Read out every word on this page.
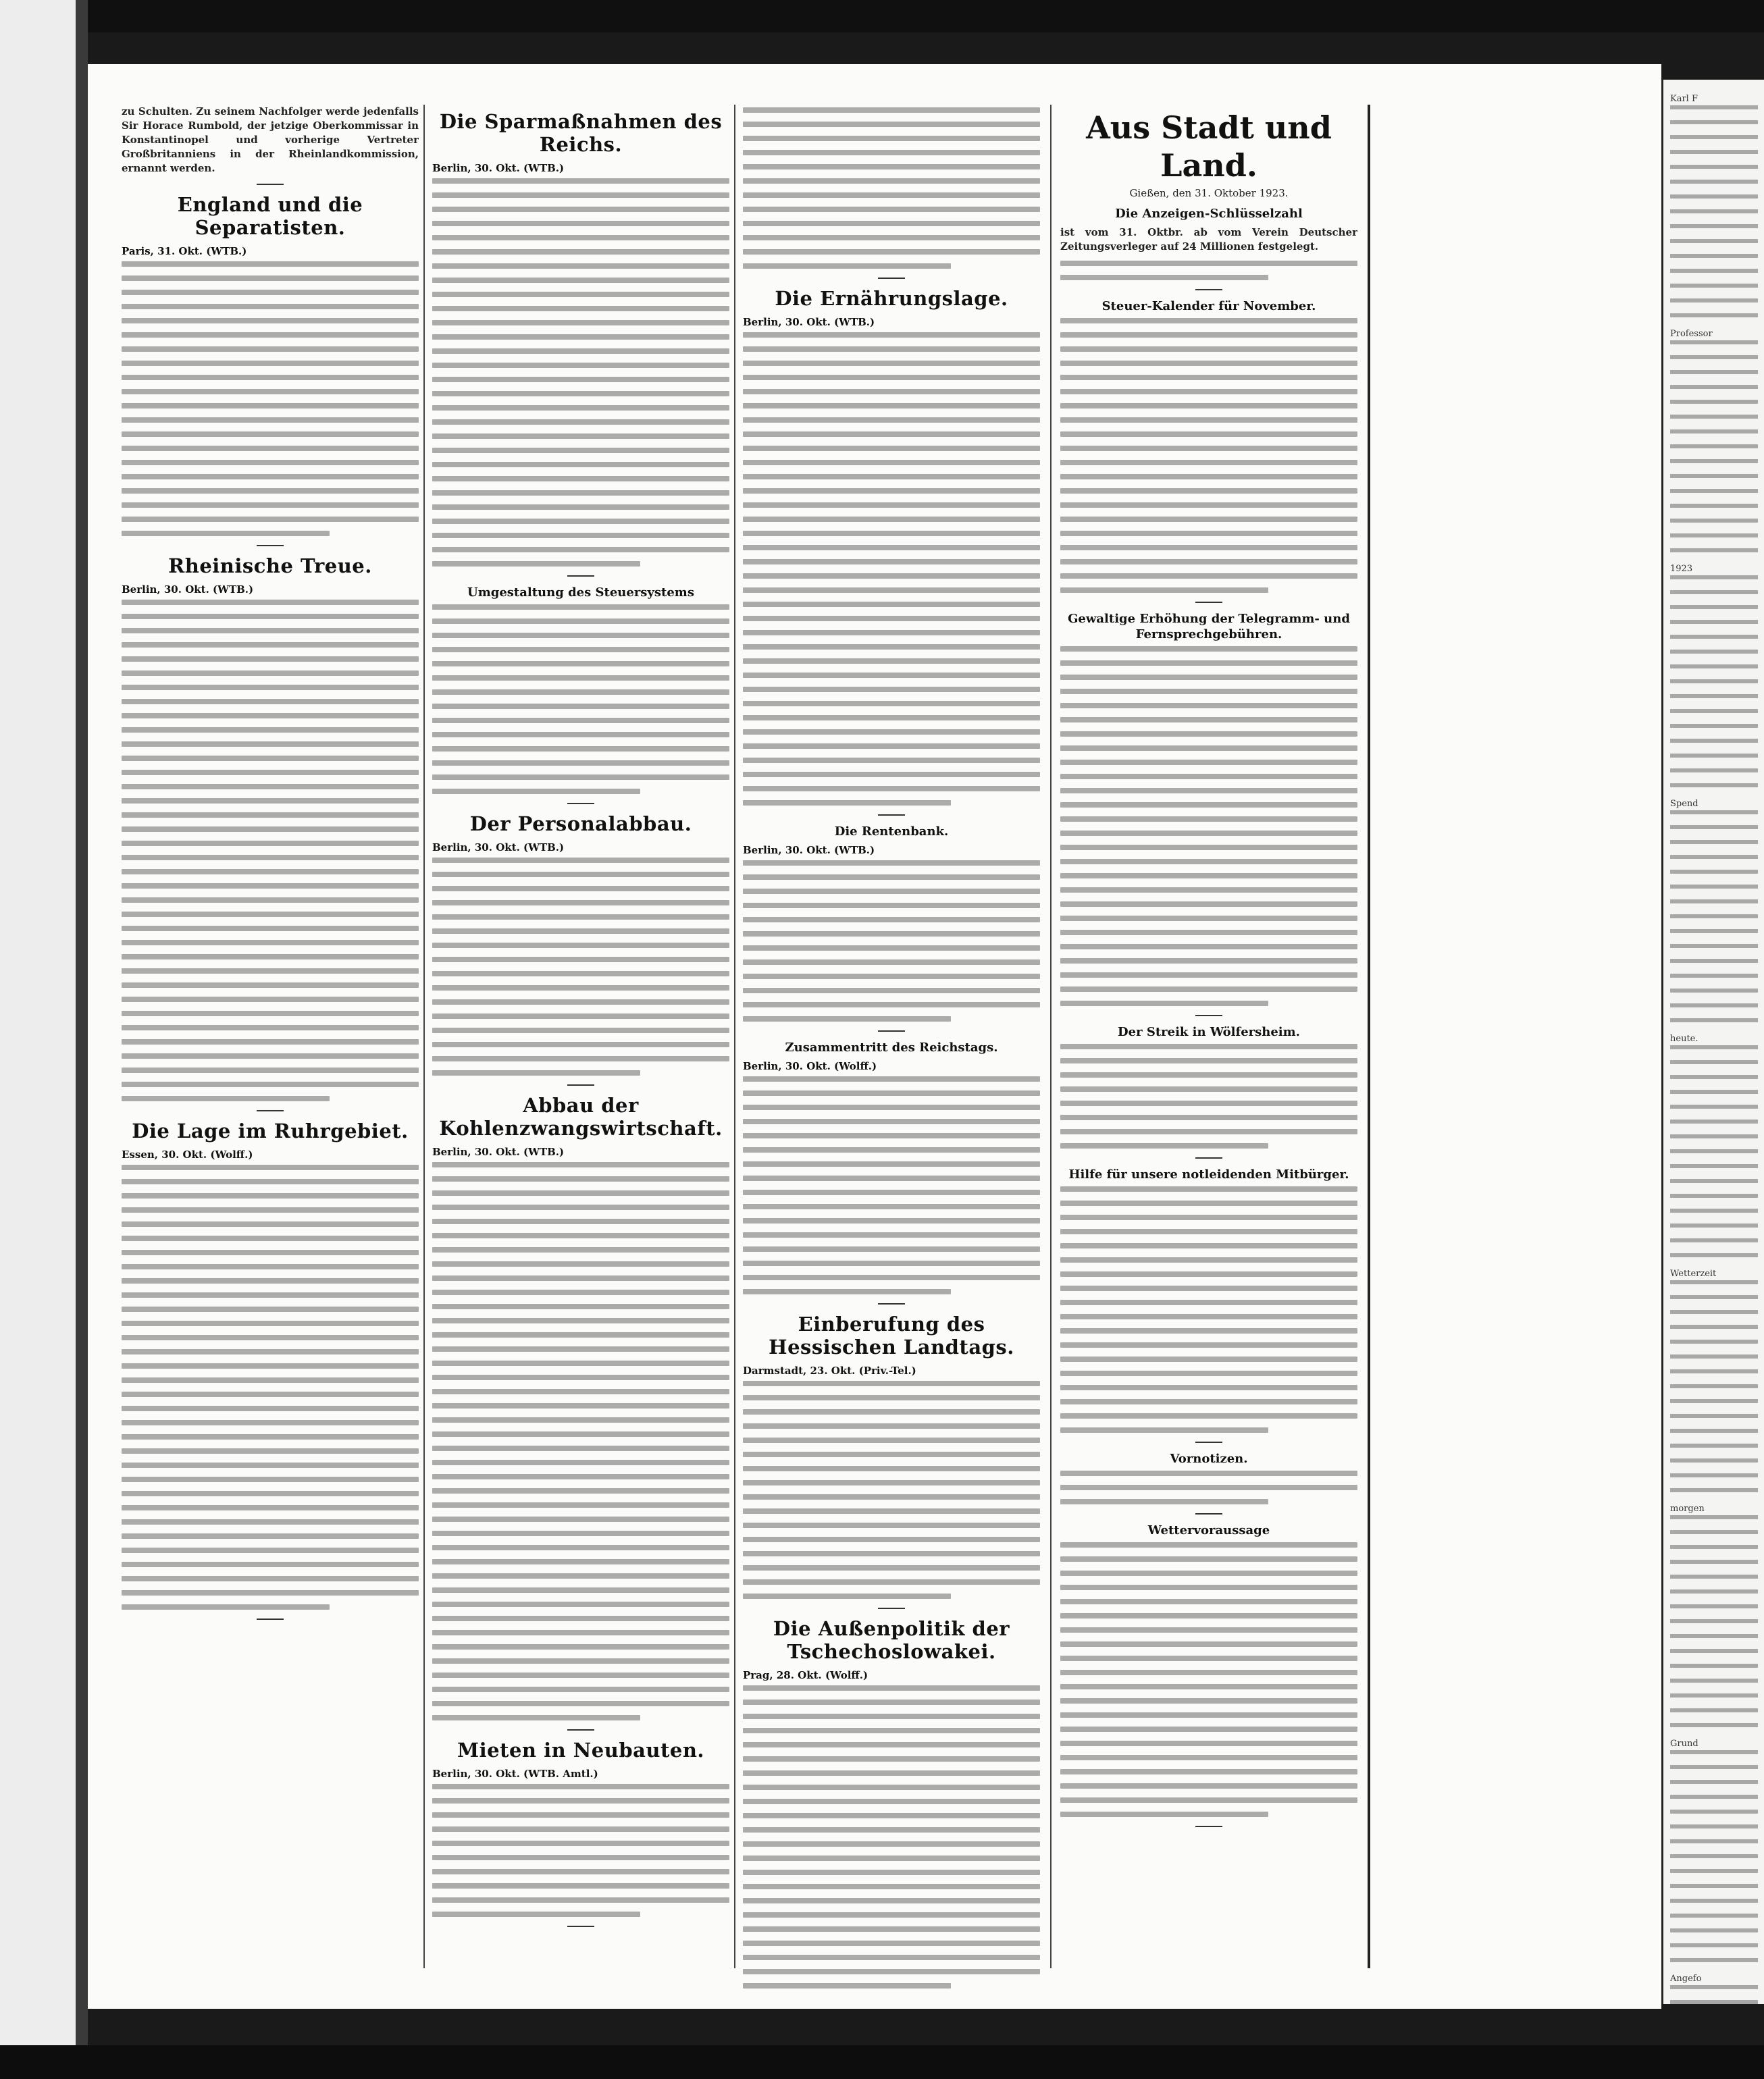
zu Schulten. Zu seinem Nachfolger werde jedenfalls Sir Horace Rumbold, der jetzige Oberkommissar in Konstantinopel und vorherige Vertreter Großbritanniens in der Rheinlandkommission, ernannt werden.

England und die Separatisten.

Paris, 31. Okt. (WTB.)

Rheinische Treue.

Berlin, 30. Okt. (WTB.)

Die Lage im Ruhrgebiet.

Essen, 30. Okt. (Wolff.)

Die Sparmaßnahmen des Reichs.

Berlin, 30. Okt. (WTB.)

Umgestaltung des Steuersystems
Der Personalabbau.

Berlin, 30. Okt. (WTB.)

Abbau der Kohlenzwangswirtschaft.

Berlin, 30. Okt. (WTB.)

Mieten in Neubauten.

Berlin, 30. Okt. (WTB. Amtl.)

Die Ernährungslage.

Berlin, 30. Okt. (WTB.)

Die Rentenbank.

Berlin, 30. Okt. (WTB.)

Zusammentritt des Reichstags.

Berlin, 30. Okt. (Wolff.)

Einberufung des Hessischen Landtags.

Darmstadt, 23. Okt. (Priv.-Tel.)

Die Außenpolitik der Tschechoslowakei.

Prag, 28. Okt. (Wolff.)

Aus Stadt und Land.
Gießen, den 31. Oktober 1923.
Die Anzeigen-Schlüsselzahl

ist vom 31. Oktbr. ab vom Verein Deutscher Zeitungsverleger auf 24 Millionen festgelegt.

Steuer-Kalender für November.
Gewaltige Erhöhung der Telegramm- und Fernsprechgebühren.
Der Streik in Wölfersheim.
Hilfe für unsere notleidenden Mitbürger.
Vornotizen.
Wettervoraussage
Karl F
Professor
1923
Spend
heute.
Wetterzeit
morgen
Grund
Angefo
